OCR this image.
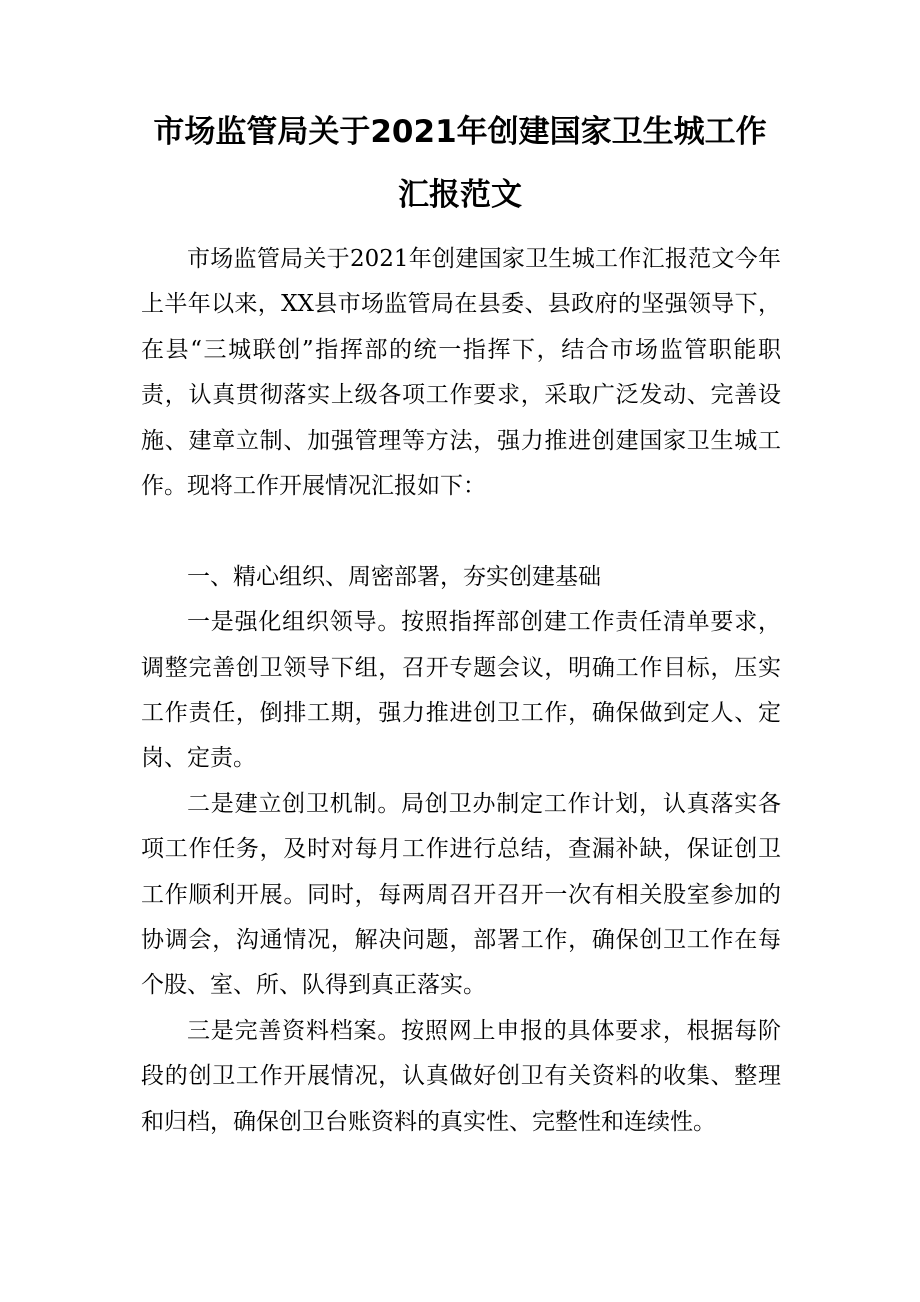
市场监管局关于2021年创建国家卫生城工作
汇报范文

市场监管局关于2021年创建国家卫生城工作汇报范文今年上半年以来，XX县市场监管局在县委、县政府的坚强领导下，在县“三城联创”指挥部的统一指挥下，结合市场监管职能职责，认真贯彻落实上级各项工作要求，采取广泛发动、完善设施、建章立制、加强管理等方法，强力推进创建国家卫生城工作。现将工作开展情况汇报如下：

一、精心组织、周密部署，夯实创建基础

一是强化组织领导。按照指挥部创建工作责任清单要求，调整完善创卫领导下组，召开专题会议，明确工作目标，压实工作责任，倒排工期，强力推进创卫工作，确保做到定人、定岗、定责。

二是建立创卫机制。局创卫办制定工作计划，认真落实各项工作任务，及时对每月工作进行总结，查漏补缺，保证创卫工作顺利开展。同时，每两周召开召开一次有相关股室参加的协调会，沟通情况，解决问题，部署工作，确保创卫工作在每个股、室、所、队得到真正落实。

三是完善资料档案。按照网上申报的具体要求，根据每阶段的创卫工作开展情况，认真做好创卫有关资料的收集、整理和归档，确保创卫台账资料的真实性、完整性和连续性。
